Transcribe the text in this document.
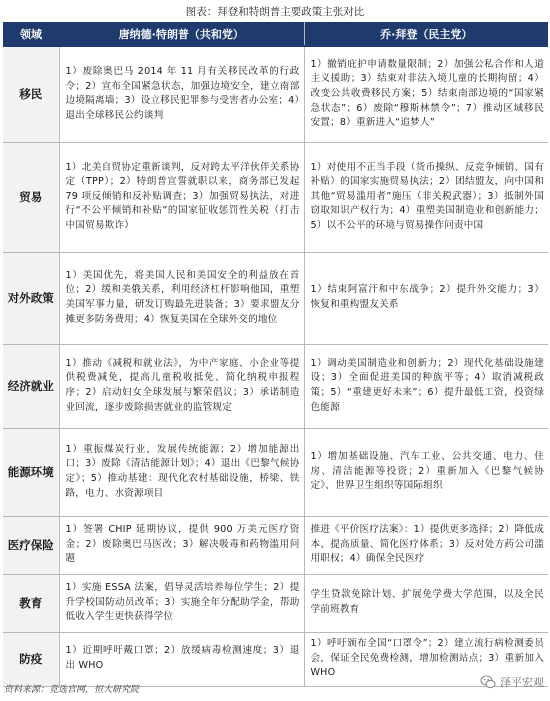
图表：拜登和特朗普主要政策主张对比
领域	唐纳德·特朗普（共和党）	乔·拜登（民主党）
移民	1）废除奥巴马 2014 年 11 月有关移民改革的行政令；2）宣布全国紧急状态，加强边境安全，建立南部边境隔离墙；3）设立移民犯罪参与受害者办公室；4）退出全球移民公约谈判	1）撤销庇护申请数量限制；2）加强公私合作和人道主义援助；3）结束对非法入境儿童的长期拘留；4）改变公共收费移民方案；5）结束南部边境的“国家紧急状态”；6）废除“穆斯林禁令”；7）推动区域移民安置；8）重新进入“追梦人”
贸易	1）北美自贸协定重新谈判，反对跨太平洋伙伴关系协定（TPP）；2）特朗普宣誓就职以来，商务部已发起 79 项反倾销和反补贴调查；3）加强贸易执法，对进行“不公平倾销和补贴”的国家征收惩罚性关税（打击中国贸易欺诈）	1）对使用不正当手段（货币操纵、反竞争倾销、国有补贴）的国家实施贸易执法；2）团结盟友，向中国和其他“贸易滥用者”施压（非关税武器）；3）抵制外国窃取知识产权行为；4）重塑美国制造业和创新能力；5）以不公平的环境与贸易操作问责中国
对外政策	1）美国优先，将美国人民和美国安全的利益放在首位；2）缓和美俄关系，利用经济杠杆影响他国，重塑美国军事力量，研发订购最先进装备；3）要求盟友分摊更多防务费用；4）恢复美国在全球外交的地位	1）结束阿富汗和中东战争；2）提升外交能力；3）恢复和重构盟友关系
经济就业	1）推动《减税和就业法》，为中产家庭、小企业等提供税费减免，提高儿童税收抵免、简化纳税申报程序；2）启动妇女全球发展与繁荣倡议；3）承诺制造业回流，逐步废除损害就业的监管规定	1）调动美国制造业和创新力；2）现代化基础设施建设；3）全面促进美国的种族平等；4）取消减税政策；5）“重建更好未来”；6）提升最低工资，投资绿色能源
能源环境	1）重振煤炭行业，发展传统能源；2）增加能源出口；3）废除《清洁能源计划》；4）退出《巴黎气候协定》；5）推动基建：现代化农村基础设施，桥梁、铁路，电力、水资源项目	1）增加基础设施、汽车工业、公共交通、电力、住房、清洁能源等投资；2）重新加入《巴黎气候协定》、世界卫生组织等国际组织
医疗保险	1）签署 CHIP 延期协议，提供 900 万美元医疗资金；2）废除奥巴马医改；3）解决吸毒和药物滥用问题	推进《平价医疗法案》：1）提供更多选择；2）降低成本、提高质量、简化医疗体系；3）反对处方药公司滥用职权；4）确保全民医疗
教育	1）实施 ESSA 法案，倡导灵活培养每位学生；2）提升学校国防动员改革；3）实施全年分配助学金，帮助低收入学生更快获得学位	学生贷款免除计划、扩展免学费大学范围，以及全民学前班教育
防疫	1）近期呼吁戴口罩；2）放缓病毒检测速度；3）退出 WHO	1）呼吁颁布全国“口罩令”；2）建立流行病检测委员会，保证全民免费检测，增加检测站点；3）重新加入 WHO
资料来源：竞选官网，恒大研究院
泽平宏观
